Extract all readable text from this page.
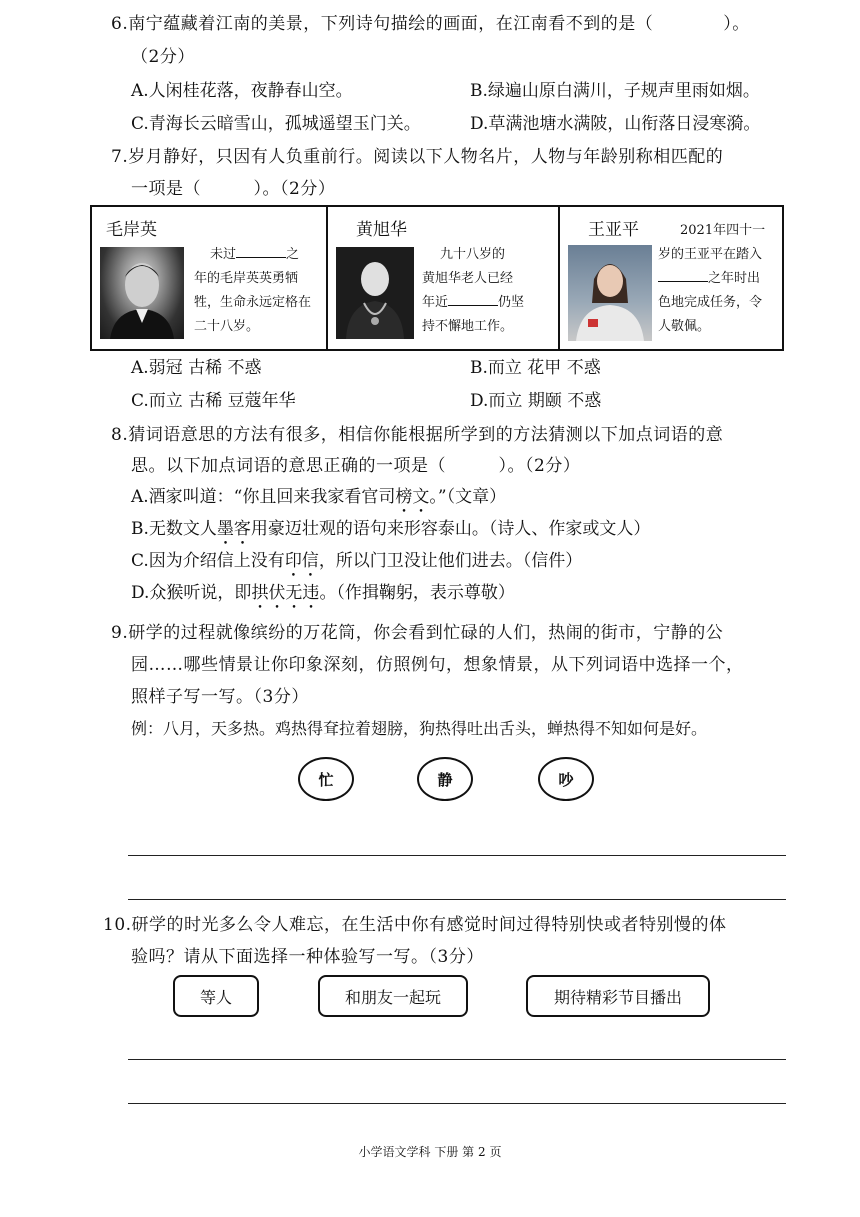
6.南宁蕴藏着江南的美景，下列诗句描绘的画面，在江南看不到的是（　　　　）。
（2分）
A.人闲桂花落，夜静春山空。	B.绿遍山原白满川，子规声里雨如烟。
C.青海长云暗雪山，孤城遥望玉门关。	D.草满池塘水满陂，山衔落日浸寒漪。
7.岁月静好，只因有人负重前行。阅读以下人物名片，人物与年龄别称相匹配的
一项是（　　　）。（2分）
毛岸英
未过	之
年的毛岸英英勇牺
牲，生命永远定格在
二十八岁。
黄旭华
九十八岁的
黄旭华老人已经
年近	仍坚
持不懈地工作。
王亚平	2021年四十一
岁的王亚平在踏入
之年时出
色地完成任务，令
人敬佩。
A.弱冠 古稀 不惑	B.而立 花甲 不惑
C.而立 古稀 豆蔻年华	D.而立 期颐 不惑
8.猜词语意思的方法有很多，相信你能根据所学到的方法猜测以下加点词语的意
思。以下加点词语的意思正确的一项是（　　　）。（2分）
A.酒家叫道：“你且回来我家看官司榜文。”（文章）
B.无数文人墨客用豪迈壮观的语句来形容泰山。（诗人、作家或文人）
C.因为介绍信上没有印信，所以门卫没让他们进去。（信件）
D.众猴听说，即拱伏无违。（作揖鞠躬，表示尊敬）
9.研学的过程就像缤纷的万花筒，你会看到忙碌的人们，热闹的街市，宁静的公
园……哪些情景让你印象深刻，仿照例句，想象情景，从下列词语中选择一个，
照样子写一写。（3分）
例：八月，天多热。鸡热得耷拉着翅膀，狗热得吐出舌头，蝉热得不知如何是好。
忙	静	吵
10.研学的时光多么令人难忘，在生活中你有感觉时间过得特别快或者特别慢的体
验吗？请从下面选择一种体验写一写。（3分）
等人	和朋友一起玩	期待精彩节目播出
小学语文学科 下册 第 2 页
